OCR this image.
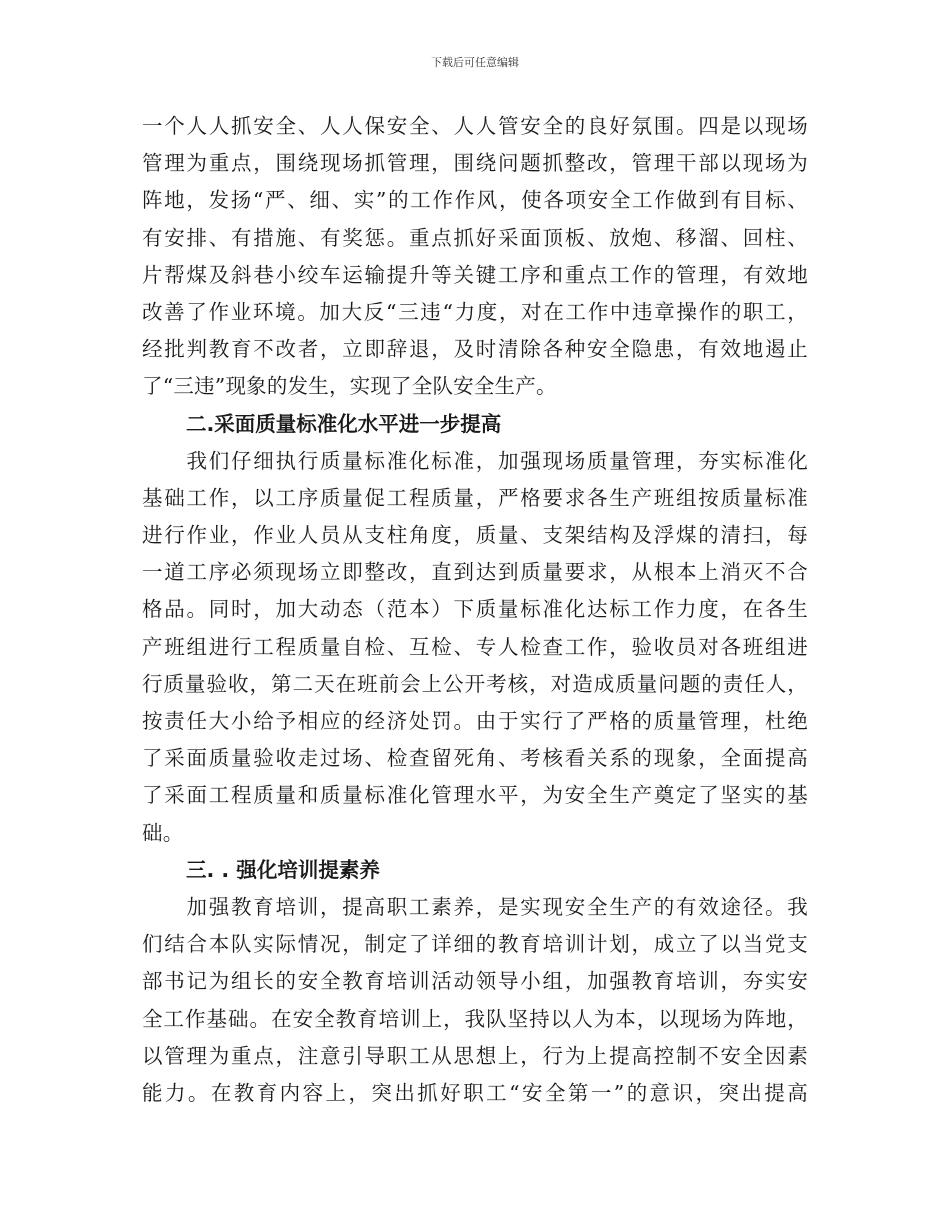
下载后可任意编辑
一个人人抓安全、人人保安全、人人管安全的良好氛围。四是以现场
管理为重点，围绕现场抓管理，围绕问题抓整改，管理干部以现场为
阵地，发扬“严、细、实”的工作作风，使各项安全工作做到有目标、
有安排、有措施、有奖惩。重点抓好采面顶板、放炮、移溜、回柱、
片帮煤及斜巷小绞车运输提升等关键工序和重点工作的管理，有效地
改善了作业环境。加大反“三违“力度，对在工作中违章操作的职工，
经批判教育不改者，立即辞退，及时清除各种安全隐患，有效地遏止
了“三违”现象的发生，实现了全队安全生产。
二.采面质量标准化水平进一步提高
　　我们仔细执行质量标准化标准，加强现场质量管理，夯实标准化
基础工作，以工序质量促工程质量，严格要求各生产班组按质量标准
进行作业，作业人员从支柱角度，质量、支架结构及浮煤的清扫，每
一道工序必须现场立即整改，直到达到质量要求，从根本上消灭不合
格品。同时，加大动态（范本）下质量标准化达标工作力度，在各生
产班组进行工程质量自检、互检、专人检查工作，验收员对各班组进
行质量验收，第二天在班前会上公开考核，对造成质量问题的责任人，
按责任大小给予相应的经济处罚。由于实行了严格的质量管理，杜绝
了采面质量验收走过场、检查留死角、考核看关系的现象，全面提高
了采面工程质量和质量标准化管理水平，为安全生产奠定了坚实的基
础。
三. . 强化培训提素养
　　加强教育培训，提高职工素养，是实现安全生产的有效途径。我
们结合本队实际情况，制定了详细的教育培训计划，成立了以当党支
部书记为组长的安全教育培训活动领导小组，加强教育培训，夯实安
全工作基础。在安全教育培训上，我队坚持以人为本，以现场为阵地，
以管理为重点，注意引导职工从思想上，行为上提高控制不安全因素
能力。在教育内容上，突出抓好职工“安全第一”的意识，突出提高
